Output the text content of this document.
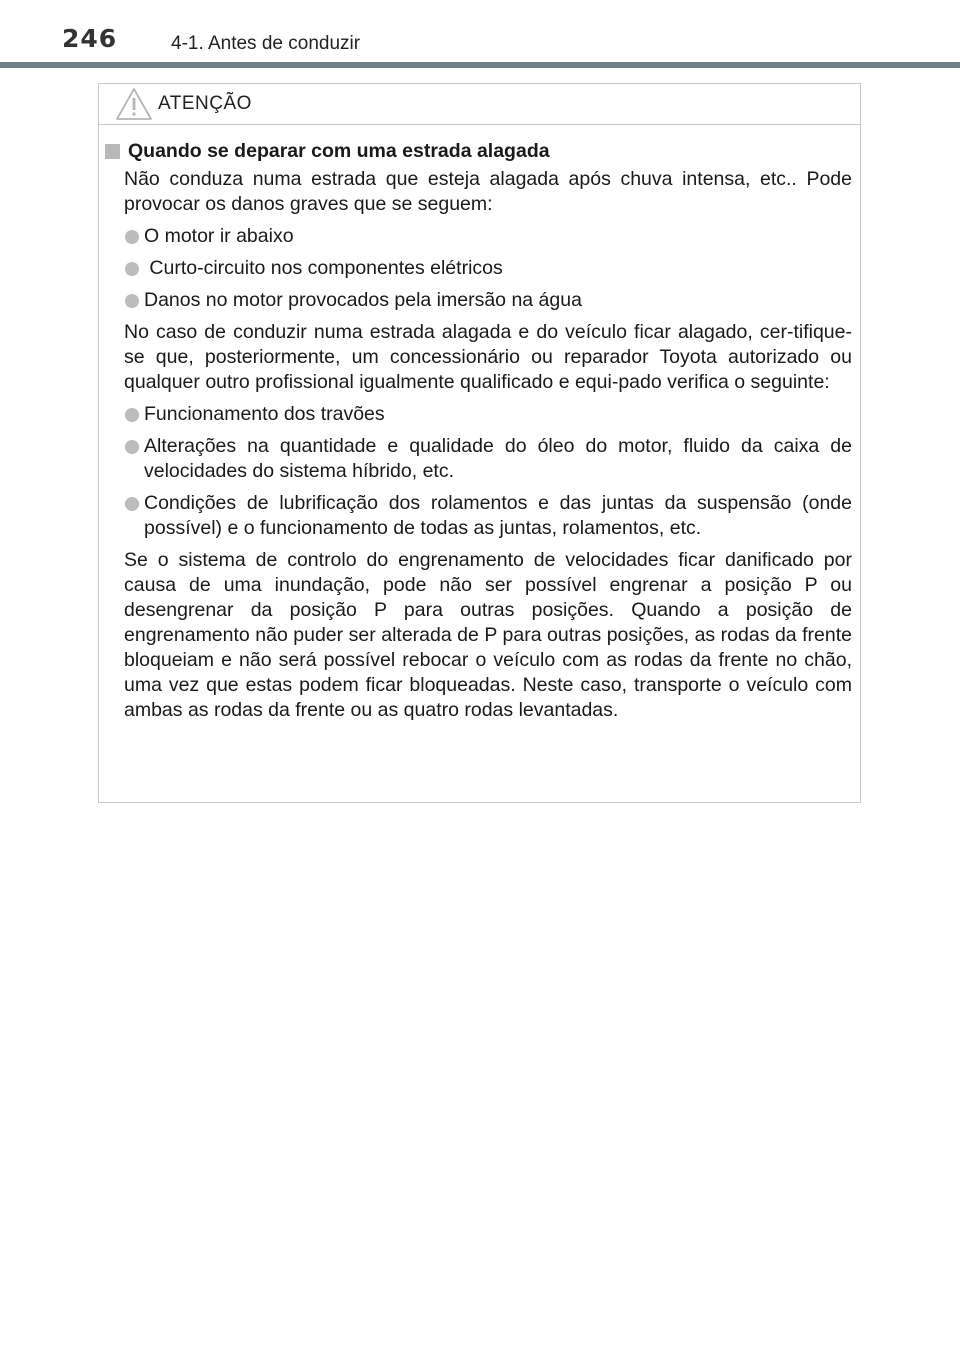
246	4-1. Antes de conduzir
ATENÇÃO
Quando se deparar com uma estrada alagada
Não conduza numa estrada que esteja alagada após chuva intensa, etc.. Pode provocar os danos graves que se seguem:
O motor ir abaixo
Curto-circuito nos componentes elétricos
Danos no motor provocados pela imersão na água
No caso de conduzir numa estrada alagada e do veículo ficar alagado, cer-tifique-se que, posteriormente, um concessionário ou reparador Toyota autorizado ou qualquer outro profissional igualmente qualificado e equi-pado verifica o seguinte:
Funcionamento dos travões
Alterações na quantidade e qualidade do óleo do motor, fluido da caixa de velocidades do sistema híbrido, etc.
Condições de lubrificação dos rolamentos e das juntas da suspensão (onde possível) e o funcionamento de todas as juntas, rolamentos, etc.
Se o sistema de controlo do engrenamento de velocidades ficar danificado por causa de uma inundação, pode não ser possível engrenar a posição P ou desengrenar da posição P para outras posições. Quando a posição de engrenamento não puder ser alterada de P para outras posições, as rodas da frente bloqueiam e não será possível rebocar o veículo com as rodas da frente no chão, uma vez que estas podem ficar bloqueadas. Neste caso, transporte o veículo com ambas as rodas da frente ou as quatro rodas levantadas.
